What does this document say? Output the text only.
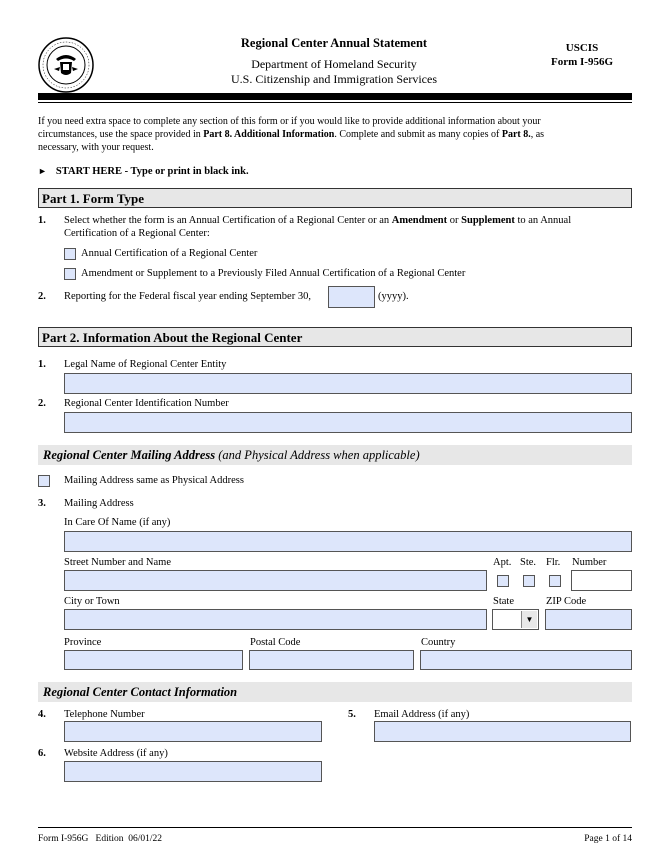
Regional Center Annual Statement
Department of Homeland Security
U.S. Citizenship and Immigration Services
USCIS
Form I-956G
If you need extra space to complete any section of this form or if you would like to provide additional information about your
circumstances, use the space provided in Part 8. Additional Information. Complete and submit as many copies of Part 8., as
necessary, with your request.
► START HERE - Type or print in black ink.
Part 1. Form Type
1. Select whether the form is an Annual Certification of a Regional Center or an Amendment or Supplement to an Annual
Certification of a Regional Center:
Annual Certification of a Regional Center
Amendment or Supplement to a Previously Filed Annual Certification of a Regional Center
2. Reporting for the Federal fiscal year ending September 30,	(yyyy).
Part 2. Information About the Regional Center
1. Legal Name of Regional Center Entity
2. Regional Center Identification Number
Regional Center Mailing Address (and Physical Address when applicable)
Mailing Address same as Physical Address
3. Mailing Address
In Care Of Name (if any)
Street Number and Name	Apt. Ste. Flr. Number
City or Town	State
▼
ZIP Code
Province	Postal Code	Country
Regional Center Contact Information
4. Telephone Number	5. Email Address (if any)
6. Website Address (if any)
Form I-956G   Edition  06/01/22	Page 1 of 14
